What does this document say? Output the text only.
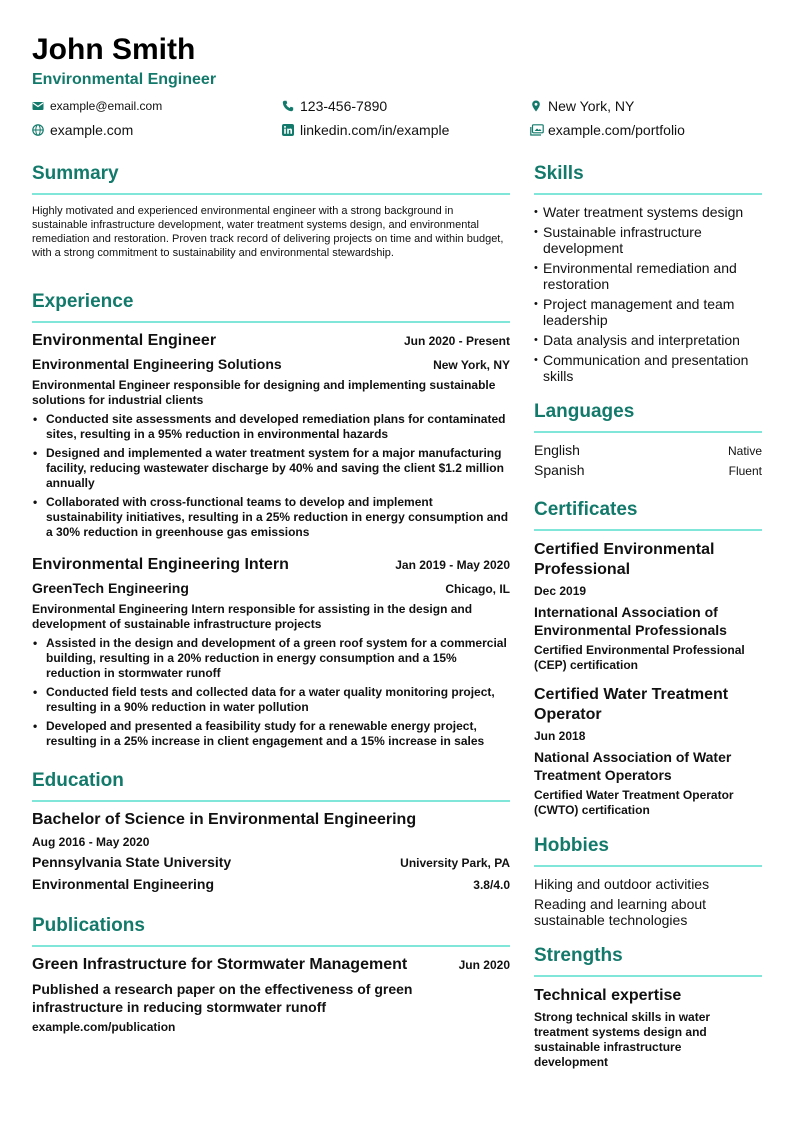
John Smith
Environmental Engineer
example@email.com	123-456-7890	New York, NY
example.com	linkedin.com/in/example	example.com/portfolio
Summary
Highly motivated and experienced environmental engineer with a strong background in sustainable infrastructure development, water treatment systems design, and environmental remediation and restoration. Proven track record of delivering projects on time and within budget, with a strong commitment to sustainability and environmental stewardship.
Experience
Environmental Engineer	Jun 2020 - Present
Environmental Engineering Solutions	New York, NY
Environmental Engineer responsible for designing and implementing sustainable solutions for industrial clients
• Conducted site assessments and developed remediation plans for contaminated sites, resulting in a 95% reduction in environmental hazards
• Designed and implemented a water treatment system for a major manufacturing facility, reducing wastewater discharge by 40% and saving the client $1.2 million annually
• Collaborated with cross-functional teams to develop and implement sustainability initiatives, resulting in a 25% reduction in energy consumption and a 30% reduction in greenhouse gas emissions
Environmental Engineering Intern	Jan 2019 - May 2020
GreenTech Engineering	Chicago, IL
Environmental Engineering Intern responsible for assisting in the design and development of sustainable infrastructure projects
• Assisted in the design and development of a green roof system for a commercial building, resulting in a 20% reduction in energy consumption and a 15% reduction in stormwater runoff
• Conducted field tests and collected data for a water quality monitoring project, resulting in a 90% reduction in water pollution
• Developed and presented a feasibility study for a renewable energy project, resulting in a 25% increase in client engagement and a 15% increase in sales
Education
Bachelor of Science in Environmental Engineering
Aug 2016 - May 2020
Pennsylvania State University	University Park, PA
Environmental Engineering	3.8/4.0
Publications
Green Infrastructure for Stormwater Management	Jun 2020
Published a research paper on the effectiveness of green infrastructure in reducing stormwater runoff
example.com/publication
Skills
• Water treatment systems design
• Sustainable infrastructure development
• Environmental remediation and restoration
• Project management and team leadership
• Data analysis and interpretation
• Communication and presentation skills
Languages
English	Native
Spanish	Fluent
Certificates
Certified Environmental Professional
Dec 2019
International Association of Environmental Professionals
Certified Environmental Professional (CEP) certification
Certified Water Treatment Operator
Jun 2018
National Association of Water Treatment Operators
Certified Water Treatment Operator (CWTO) certification
Hobbies
Hiking and outdoor activities
Reading and learning about sustainable technologies
Strengths
Technical expertise
Strong technical skills in water treatment systems design and sustainable infrastructure development
